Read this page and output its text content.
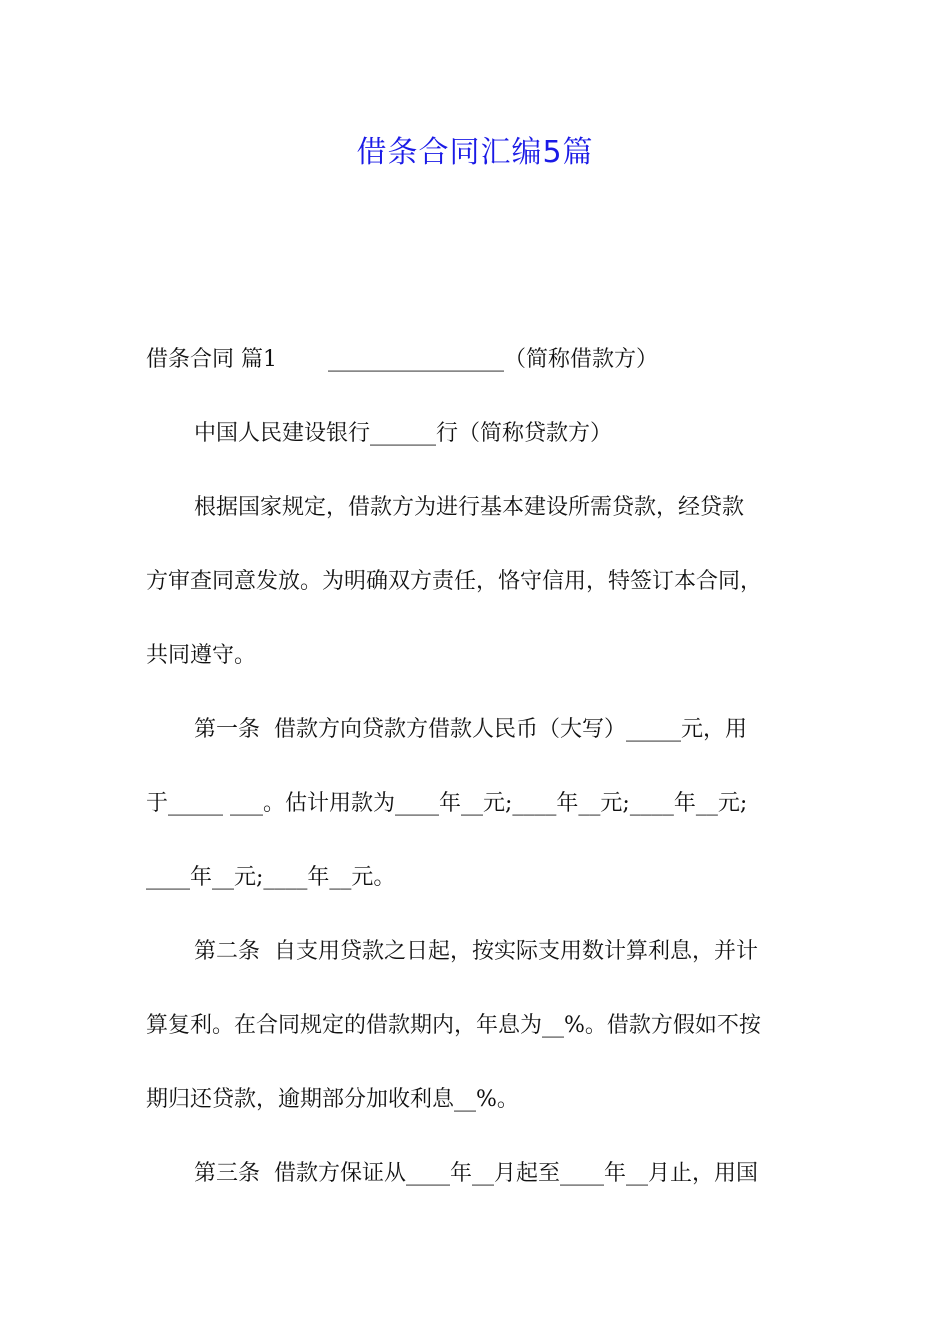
借条合同汇编5篇
借条合同 篇1　　 ________________（简称借款方）
中国人民建设银行______行（简称贷款方）
根据国家规定，借款方为进行基本建设所需贷款，经贷款
方审查同意发放。为明确双方责任，恪守信用，特签订本合同，
共同遵守。
第一条  借款方向贷款方借款人民币（大写）_____元，用
于_____ ___。估计用款为____年__元;____年__元;____年__元;
____年__元;____年__元。
第二条  自支用贷款之日起，按实际支用数计算利息，并计
算复利。在合同规定的借款期内，年息为__%。借款方假如不按
期归还贷款，逾期部分加收利息__%。
第三条  借款方保证从____年__月起至____年__月止，用国
